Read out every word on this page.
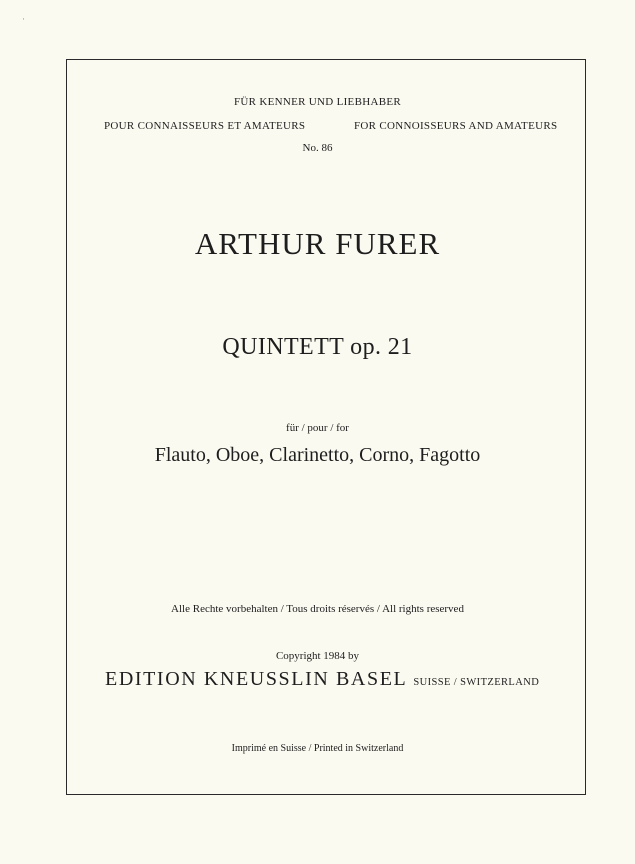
·
FÜR KENNER UND LIEBHABER
POUR CONNAISSEURS ET AMATEURS	FOR CONNOISSEURS AND AMATEURS
No. 86
ARTHUR FURER
QUINTETT op. 21
für / pour / for
Flauto, Oboe, Clarinetto, Corno, Fagotto
Alle Rechte vorbehalten / Tous droits réservés / All rights reserved
Copyright 1984 by
EDITION KNEUSSLIN BASEL SUISSE / SWITZERLAND
Imprimé en Suisse / Printed in Switzerland
